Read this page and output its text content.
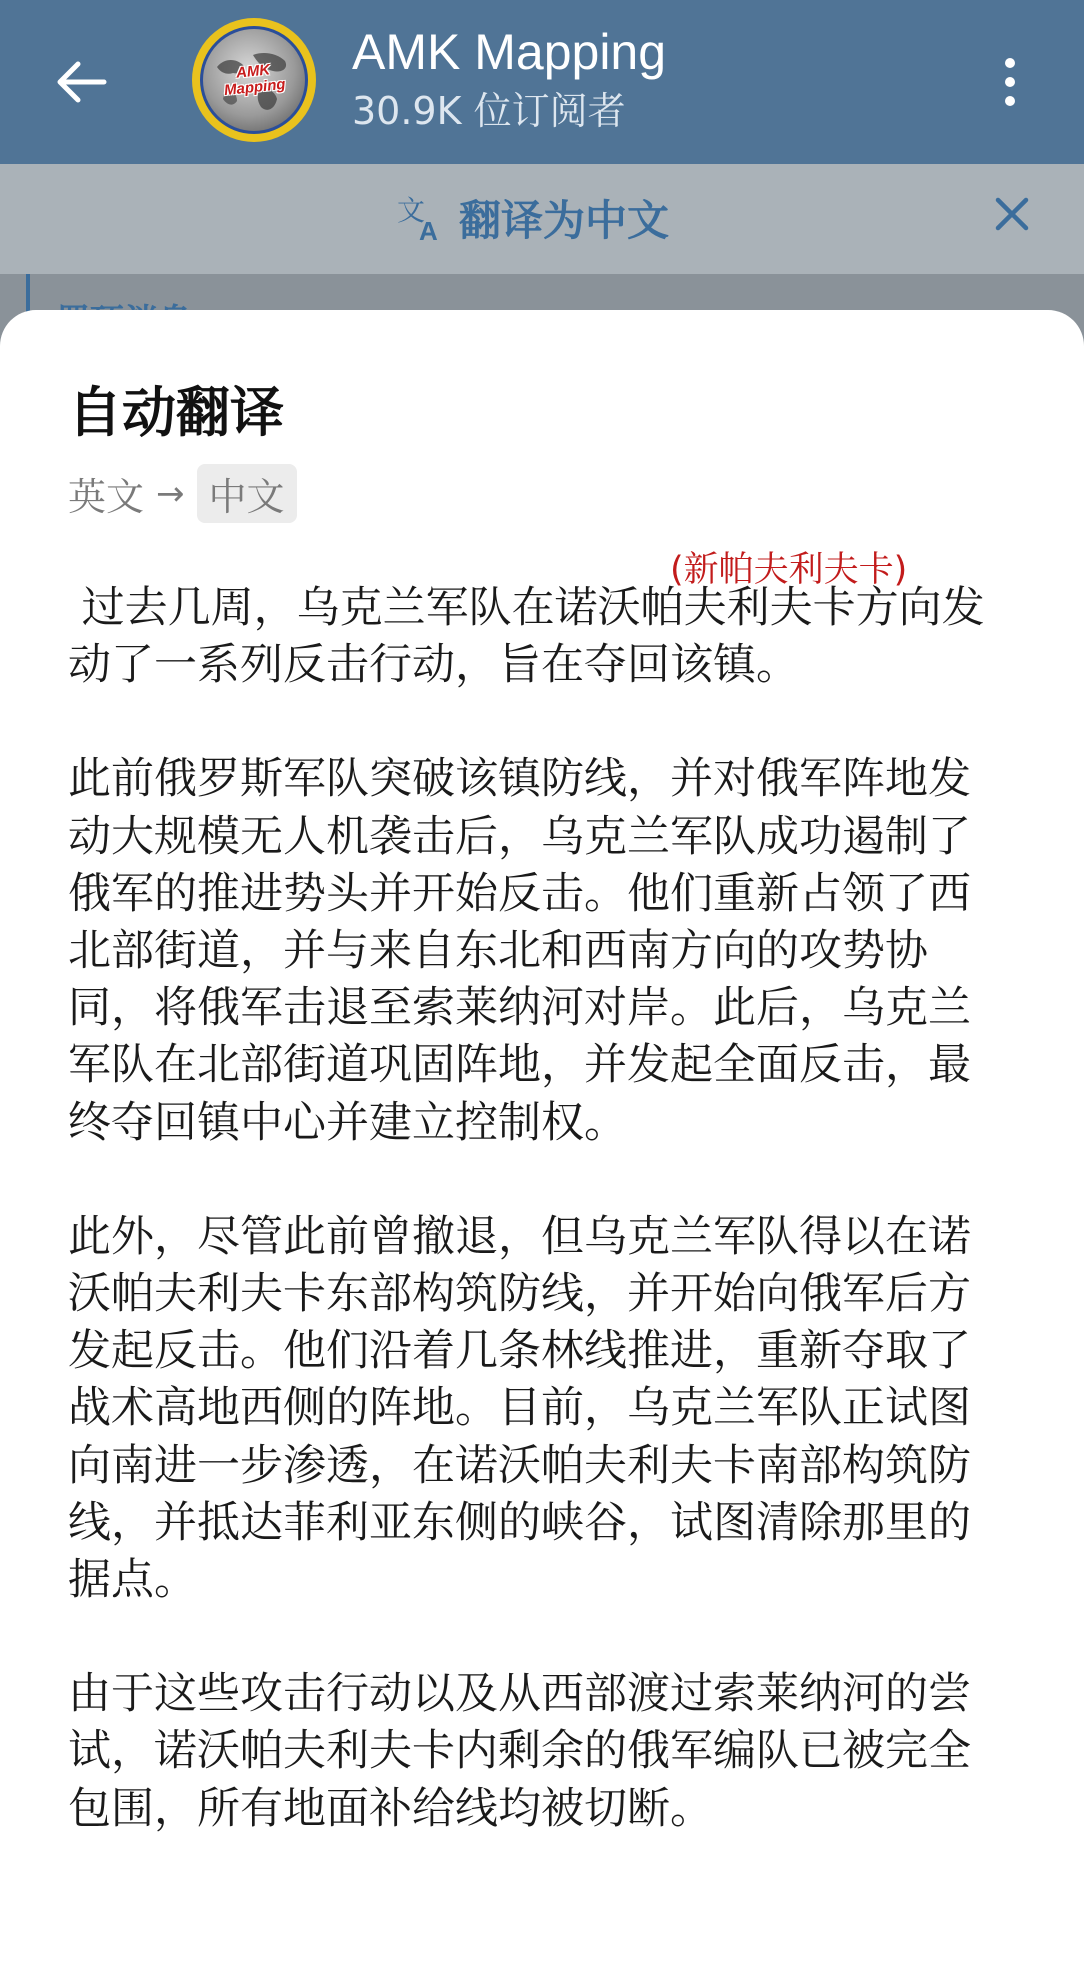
AMK
Mapping
AMK Mapping
30.9K 位订阅者
文
A 翻译为中文
自动翻译
英文 → 中文
(新帕夫利夫卡)

过去几周，乌克兰军队在诺沃帕夫利夫卡方向发动了一系列反击行动，旨在夺回该镇。

此前俄罗斯军队突破该镇防线，并对俄军阵地发动大规模无人机袭击后，乌克兰军队成功遏制了俄军的推进势头并开始反击。他们重新占领了西北部街道，并与来自东北和西南方向的攻势协同，将俄军击退至索莱纳河对岸。此后，乌克兰军队在北部街道巩固阵地，并发起全面反击，最终夺回镇中心并建立控制权。

此外，尽管此前曾撤退，但乌克兰军队得以在诺沃帕夫利夫卡东部构筑防线，并开始向俄军后方发起反击。他们沿着几条林线推进，重新夺取了战术高地西侧的阵地。目前，乌克兰军队正试图向南进一步渗透，在诺沃帕夫利夫卡南部构筑防线，并抵达菲利亚东侧的峡谷，试图清除那里的据点。

由于这些攻击行动以及从西部渡过索莱纳河的尝试，诺沃帕夫利夫卡内剩余的俄军编队已被完全包围，所有地面补给线均被切断。
